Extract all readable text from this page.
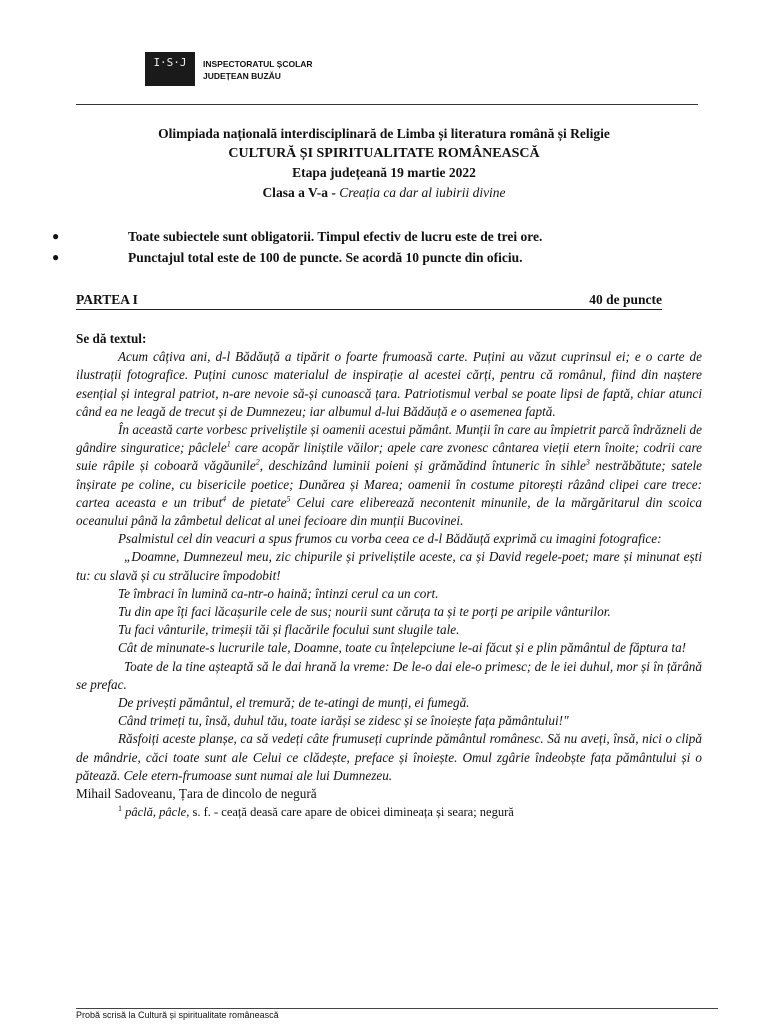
I·S·J	INSPECTORATUL ȘCOLAR
JUDEȚEAN BUZĂU
Olimpiada națională interdisciplinară de Limba și literatura română și Religie
CULTURĂ ȘI SPIRITUALITATE ROMÂNEASCĂ
Etapa județeană 19 martie 2022
Clasa a V-a - Creația ca dar al iubirii divine
●	Toate subiectele sunt obligatorii. Timpul efectiv de lucru este de trei ore.
●	Punctajul total este de 100 de puncte. Se acordă 10 puncte din oficiu.
PARTEA I	40 de puncte

Se dă textul:

Acum câțiva ani, d-l Bădăuță a tipărit o foarte frumoasă carte. Puțini au văzut cuprinsul ei; e o carte de ilustrații fotografice. Puțini cunosc materialul de inspirație al acestei cărți, pentru că românul, fiind din naștere esențial și integral patriot, n-are nevoie să-și cunoască țara. Patriotismul verbal se poate lipsi de faptă, chiar atunci când ea ne leagă de trecut și de Dumnezeu; iar albumul d-lui Bădăuță e o asemenea faptă.

În această carte vorbesc priveliștile și oamenii acestui pământ. Munții în care au împietrit parcă îndrăzneli de gândire singuratice; pâclele$^1$ care acopăr liniștile văilor; apele care zvonesc cântarea vieții etern înoite; codrii care suie râpile și coboară văgăunile$^2$, deschizând luminii poieni și grămădind întuneric în sihle$^3$ nestrăbătute; satele înșirate pe coline, cu bisericile poetice; Dunărea și Marea; oamenii în costume pitorești râzând clipei care trece: cartea aceasta e un tribut$^4$ de pietate$^5$ Celui care eliberează necontenit minunile, de la mărgăritarul din scoica oceanului până la zâmbetul delicat al unei fecioare din munții Bucovinei.

Psalmistul cel din veacuri a spus frumos cu vorba ceea ce d-l Bădăuță exprimă cu imagini fotografice:

„Doamne, Dumnezeul meu, zic chipurile și priveliștile aceste, ca și David regele-poet; mare și minunat ești tu: cu slavă și cu strălucire împodobit!

Te îmbraci în lumină ca-ntr-o haină; întinzi cerul ca un cort.

Tu din ape îți faci lăcașurile cele de sus; nourii sunt căruța ta și te porți pe aripile vânturilor.

Tu faci vânturile, trimeșii tăi și flacările focului sunt slugile tale.

Cât de minunate-s lucrurile tale, Doamne, toate cu înțelepciune le-ai făcut și e plin pământul de făptura ta!

Toate de la tine așteaptă să le dai hrană la vreme: De le-o dai ele-o primesc; de le iei duhul, mor și în țărână se prefac.

De privești pământul, el tremură; de te-atingi de munți, ei fumegă.

Când trimeți tu, însă, duhul tău, toate iarăși se zidesc și se înoiește fața pământului!"

Răsfoiți aceste planșe, ca să vedeți câte frumuseți cuprinde pământul românesc. Să nu aveți, însă, nici o clipă de mândrie, căci toate sunt ale Celui ce clădește, preface și înoiește. Omul zgârie îndeobște fața pământului și o pătează. Cele etern-frumoase sunt numai ale lui Dumnezeu.

Mihail Sadoveanu, Țara de dincolo de negură

$^1$ pâclă, pâcle, s. f. - ceață deasă care apare de obicei dimineața și seara; negură

Probă scrisă la Cultură și spiritualitate românească
